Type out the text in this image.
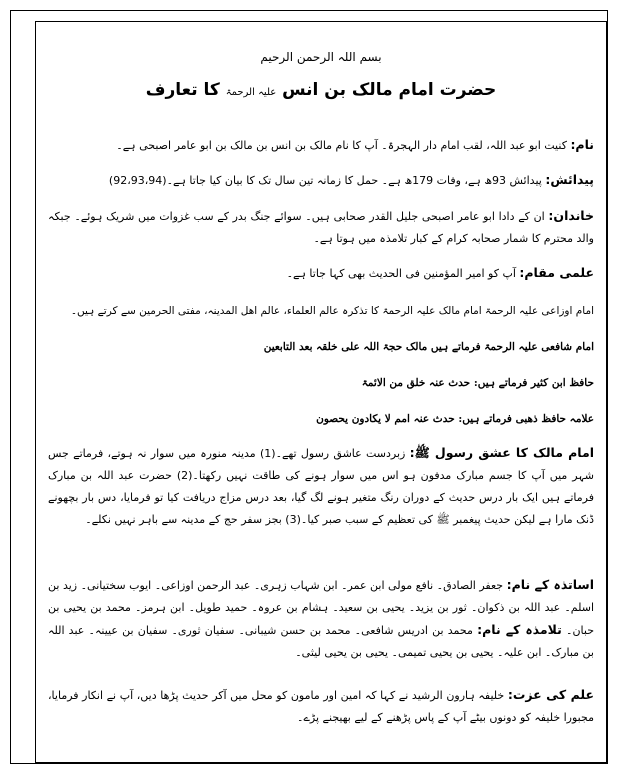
بسم اللہ الرحمن الرحیم
حضرت امام مالک بن انس علیہ الرحمۃ کا تعارف

نام: کنیت ابو عبد اللہ، لقب امام دار الہجرۃ۔ آپ کا نام مالک بن انس بن مالک بن ابو عامر اصبحی ہے۔

پیدائش: پیدائش 93ھ ہے، وفات 179ھ ہے۔ حمل کا زمانہ تین سال تک کا بیان کیا جاتا ہے۔(92،93،94)

خاندان: ان کے دادا ابو عامر اصبحی جلیل القدر صحابی ہیں۔ سوائے جنگ بدر کے سب غزوات میں شریک ہوئے۔ جبکہ والد محترم کا شمار صحابہ کرام کے کبار تلامذہ میں ہوتا ہے۔

علمی مقام: آپ کو امیر المؤمنین فی الحدیث بھی کہا جاتا ہے۔

امام اوزاعی علیہ الرحمۃ امام مالک علیہ الرحمۃ کا تذکرہ عالم العلماء، عالم اھل المدینہ، مفتی الحرمین سے کرتے ہیں۔

امام شافعی علیہ الرحمۃ فرماتے ہیں مالک حجۃ اللہ علی خلقہ بعد التابعین

حافظ ابن کثیر فرماتے ہیں: حدث عنہ خلق من الائمۃ

علامہ حافظ ذھبی فرماتے ہیں: حدث عنہ امم لا یکادون یحصون

امام مالک کا عشق رسول ﷺ: زبردست عاشق رسول تھے۔(1) مدینہ منورہ میں سوار نہ ہوتے، فرماتے جس شہر میں آپ کا جسم مبارک مدفون ہو اس میں سوار ہونے کی طاقت نہیں رکھتا۔(2) حضرت عبد اللہ بن مبارک فرماتے ہیں ایک بار درس حدیث کے دوران رنگ متغیر ہونے لگ گیا، بعد درس مزاج دریافت کیا تو فرمایا، دس بار بچھونے ڈنک مارا ہے لیکن حدیث پیغمبر ﷺ کی تعظیم کے سبب صبر کیا۔(3) بجز سفر حج کے مدینہ سے باہر نہیں نکلے۔

اساتذہ کے نام: جعفر الصادق۔ نافع مولی ابن عمر۔ ابن شہاب زہری۔ عبد الرحمن اوزاعی۔ ایوب سختیانی۔ زید بن اسلم۔ عبد اللہ بن ذکوان۔ ثور بن یزید۔ یحیی بن سعید۔ ہشام بن عروہ۔ حمید طویل۔ ابن ہرمز۔ محمد بن یحیی بن حبان۔ تلامذہ کے نام: محمد بن ادریس شافعی۔ محمد بن حسن شیبانی۔ سفیان ثوری۔ سفیان بن عیینہ۔ عبد اللہ بن مبارک۔ ابن علیہ۔ یحیی بن یحیی تمیمی۔ یحیی بن یحیی لیثی۔

علم کی عزت: خلیفہ ہارون الرشید نے کہا کہ امین اور مامون کو محل میں آکر حدیث پڑھا دیں، آپ نے انکار فرمایا، مجبورا خلیفہ کو دونوں بیٹے آپ کے پاس پڑھنے کے لیے بھیجنے پڑے۔
